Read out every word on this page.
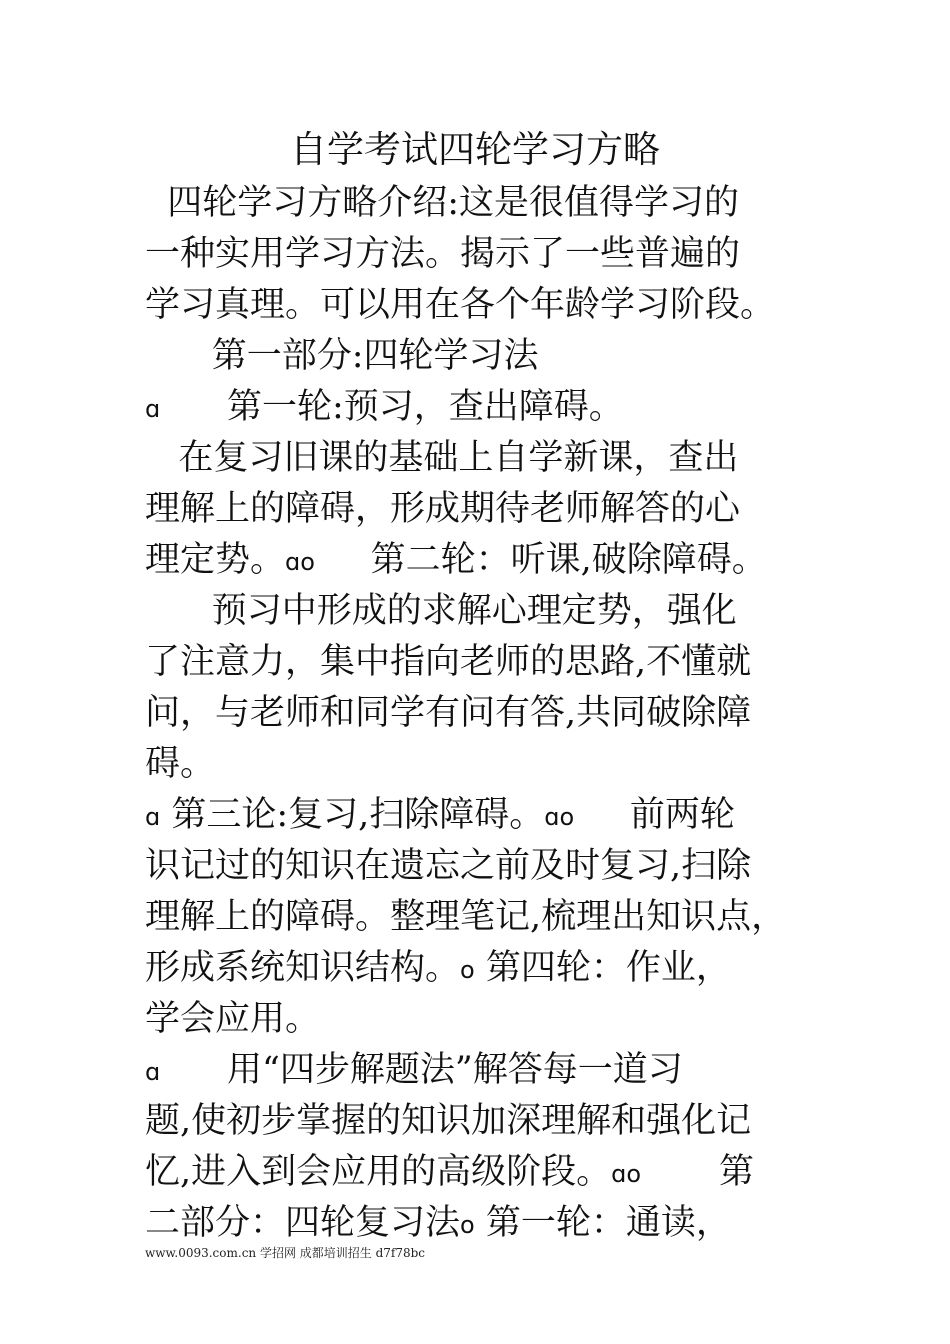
自学考试四轮学习方略
四轮学习方略介绍:这是很值得学习的
一种实用学习方法。揭示了一些普遍的
学习真理。可以用在各个年龄学习阶段。
第一部分:四轮学习法
ɑ      第一轮:预习，查出障碍。
在复习旧课的基础上自学新课，查出
理解上的障碍，形成期待老师解答的心
理定势。ɑo     第二轮：听课,破除障碍。
预习中形成的求解心理定势，强化
了注意力，集中指向老师的思路,不懂就
问，与老师和同学有问有答,共同破除障
碍。
ɑ 第三论:复习,扫除障碍。ɑo     前两轮
识记过的知识在遗忘之前及时复习,扫除
理解上的障碍。整理笔记,梳理出知识点，
形成系统知识结构。o 第四轮：作业，
学会应用。
ɑ      用“四步解题法”解答每一道习
题,使初步掌握的知识加深理解和强化记
忆,进入到会应用的高级阶段。ɑo       第
二部分：四轮复习法o 第一轮：通读，
www.0093.com.cn 学招网 成都培训招生 d7f78bc
